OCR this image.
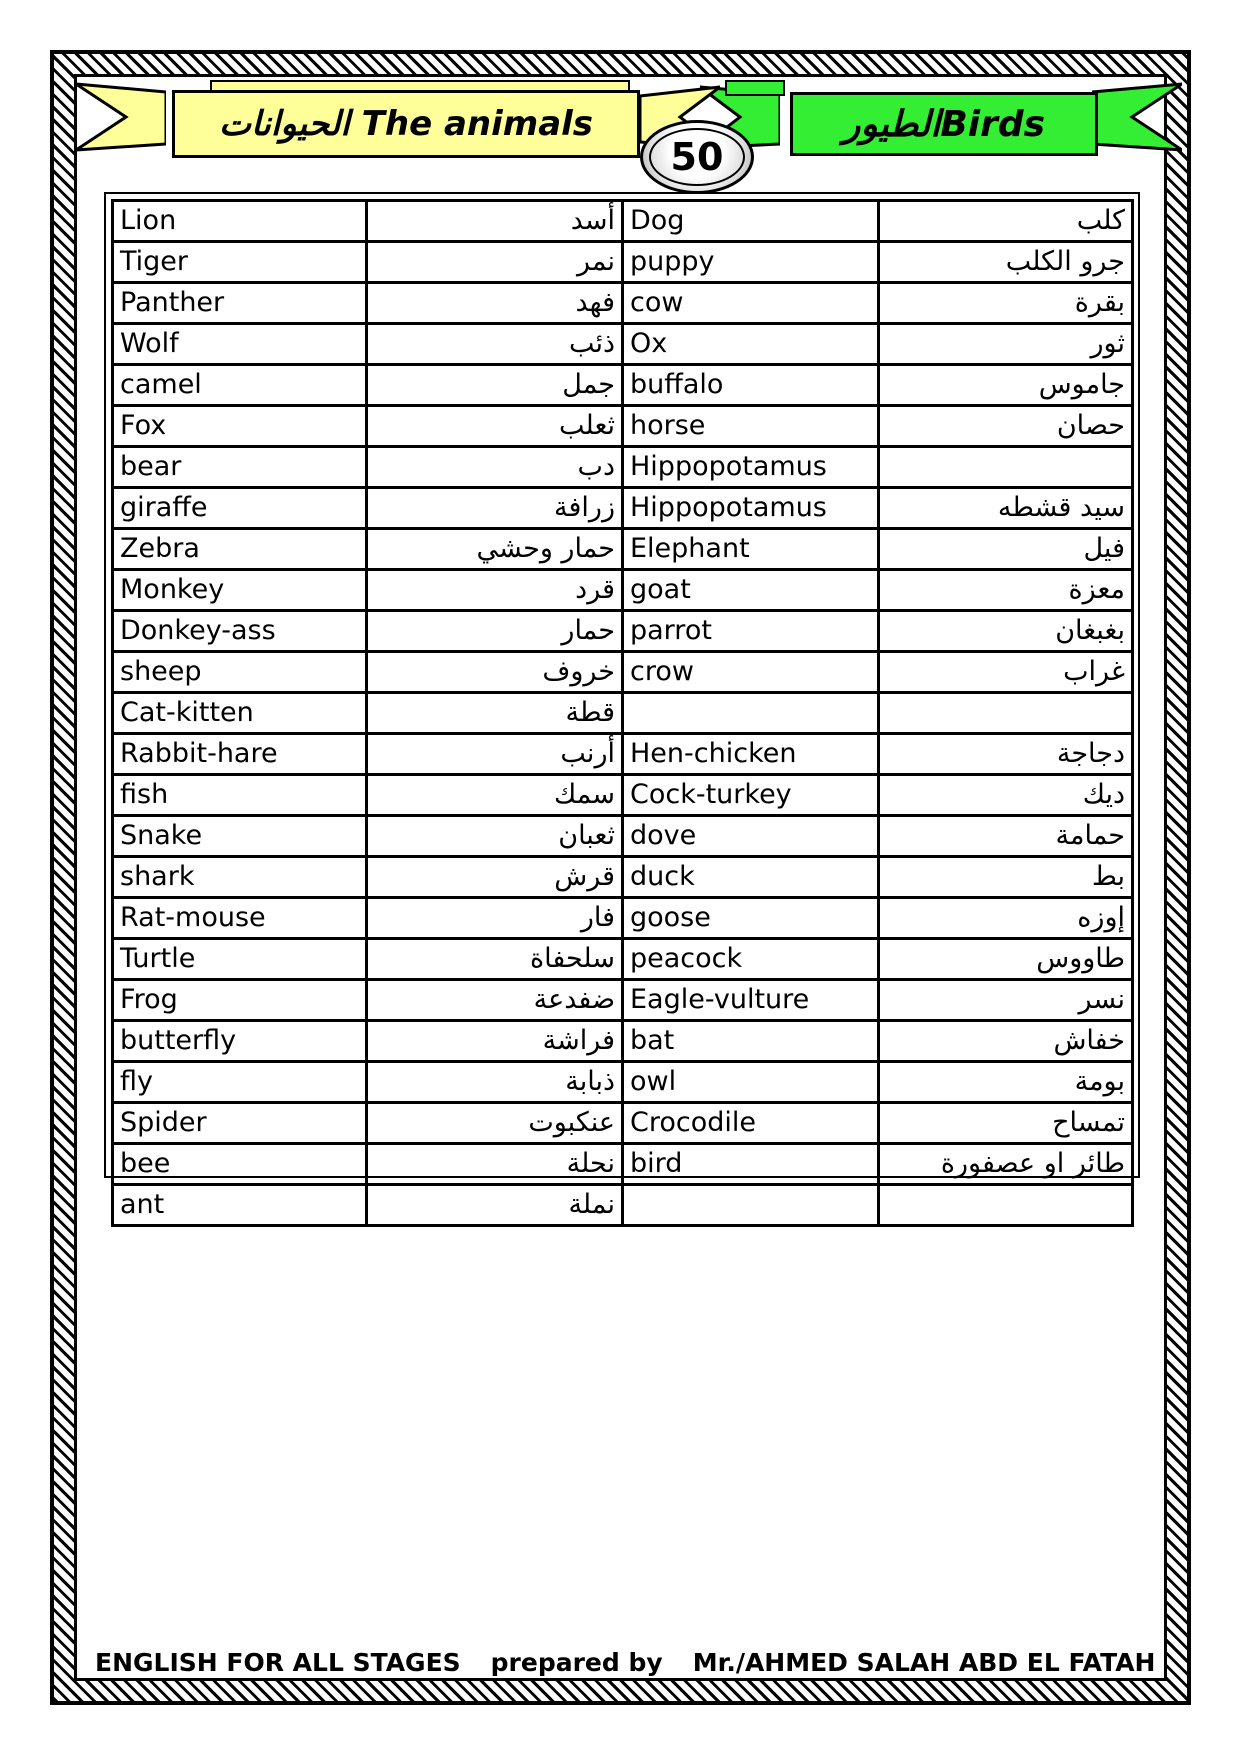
الحيوانات The animals	الطيورBirds
50
Lion	أسد	Dog	كلب
Tiger	نمر	puppy	جرو الكلب
Panther	فهد	cow	بقرة
Wolf	ذئب	Ox	ثور
camel	جمل	buffalo	جاموس
Fox	ثعلب	horse	حصان
bear	دب	Hippopotamus	
giraffe	زرافة	Hippopotamus	سيد قشطه
Zebra	حمار وحشي	Elephant	فيل
Monkey	قرد	goat	معزة
Donkey-ass	حمار	parrot	بغبغان
sheep	خروف	crow	غراب
Cat-kitten	قطة		
Rabbit-hare	أرنب	Hen-chicken	دجاجة
fish	سمك	Cock-turkey	ديك
Snake	ثعبان	dove	حمامة
shark	قرش	duck	بط
Rat-mouse	فار	goose	إوزه
Turtle	سلحفاة	peacock	طاووس
Frog	ضفدعة	Eagle-vulture	نسر
butterfly	فراشة	bat	خفاش
fly	ذبابة	owl	بومة
Spider	عنكبوت	Crocodile	تمساح
bee	نحلة	bird	طائر او عصفورة
ant	نملة		
ENGLISH FOR ALL STAGES prepared by Mr./AHMED SALAH ABD EL FATAH
